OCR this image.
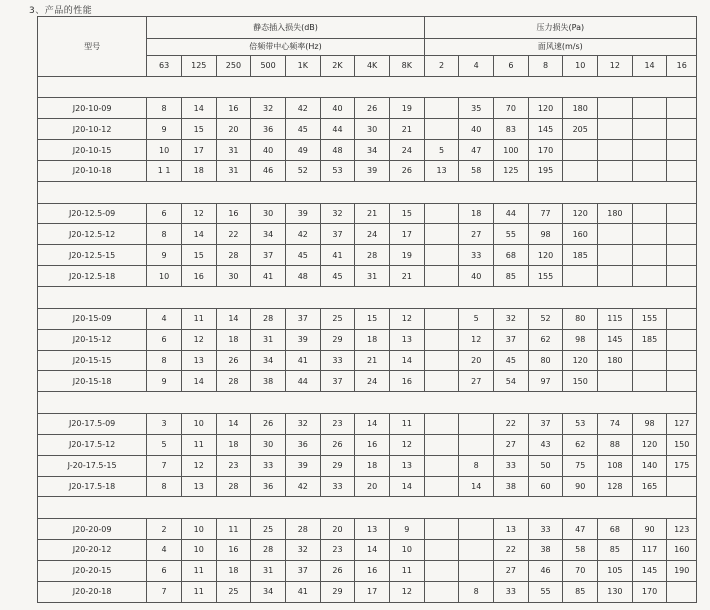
3、产品的性能
型号	静态插入损失(dB)								压力损失(Pa)							
	倍频带中心频率(Hz)								面风速(m/s)							
	63	125	250	500	1K	2K	4K	8K	2	4	6	8	10	12	14	16

J20-10-09	8	14	16	32	42	40	26	19		35	70	120	180			
J20-10-12	9	15	20	36	45	44	30	21		40	83	145	205			
J20-10-15	10	17	31	40	49	48	34	24	5	47	100	170				
J20-10-18	1 1	18	31	46	52	53	39	26	13	58	125	195				

J20-12.5-09	6	12	16	30	39	32	21	15		18	44	77	120	180		
J20-12.5-12	8	14	22	34	42	37	24	17		27	55	98	160			
J20-12.5-15	9	15	28	37	45	41	28	19		33	68	120	185			
J20-12.5-18	10	16	30	41	48	45	31	21		40	85	155				

J20-15-09	4	11	14	28	37	25	15	12		5	32	52	80	115	155	
J20-15-12	6	12	18	31	39	29	18	13		12	37	62	98	145	185	
J20-15-15	8	13	26	34	41	33	21	14		20	45	80	120	180		
J20-15-18	9	14	28	38	44	37	24	16		27	54	97	150			

J20-17.5-09	3	10	14	26	32	23	14	11			22	37	53	74	98	127
J20-17.5-12	5	11	18	30	36	26	16	12			27	43	62	88	120	150
J-20-17.5-15	7	12	23	33	39	29	18	13		8	33	50	75	108	140	175
J20-17.5-18	8	13	28	36	42	33	20	14		14	38	60	90	128	165	

J20-20-09	2	10	11	25	28	20	13	9			13	33	47	68	90	123
J20-20-12	4	10	16	28	32	23	14	10			22	38	58	85	117	160
J20-20-15	6	11	18	31	37	26	16	11			27	46	70	105	145	190
J20-20-18	7	11	25	34	41	29	17	12		8	33	55	85	130	170	
